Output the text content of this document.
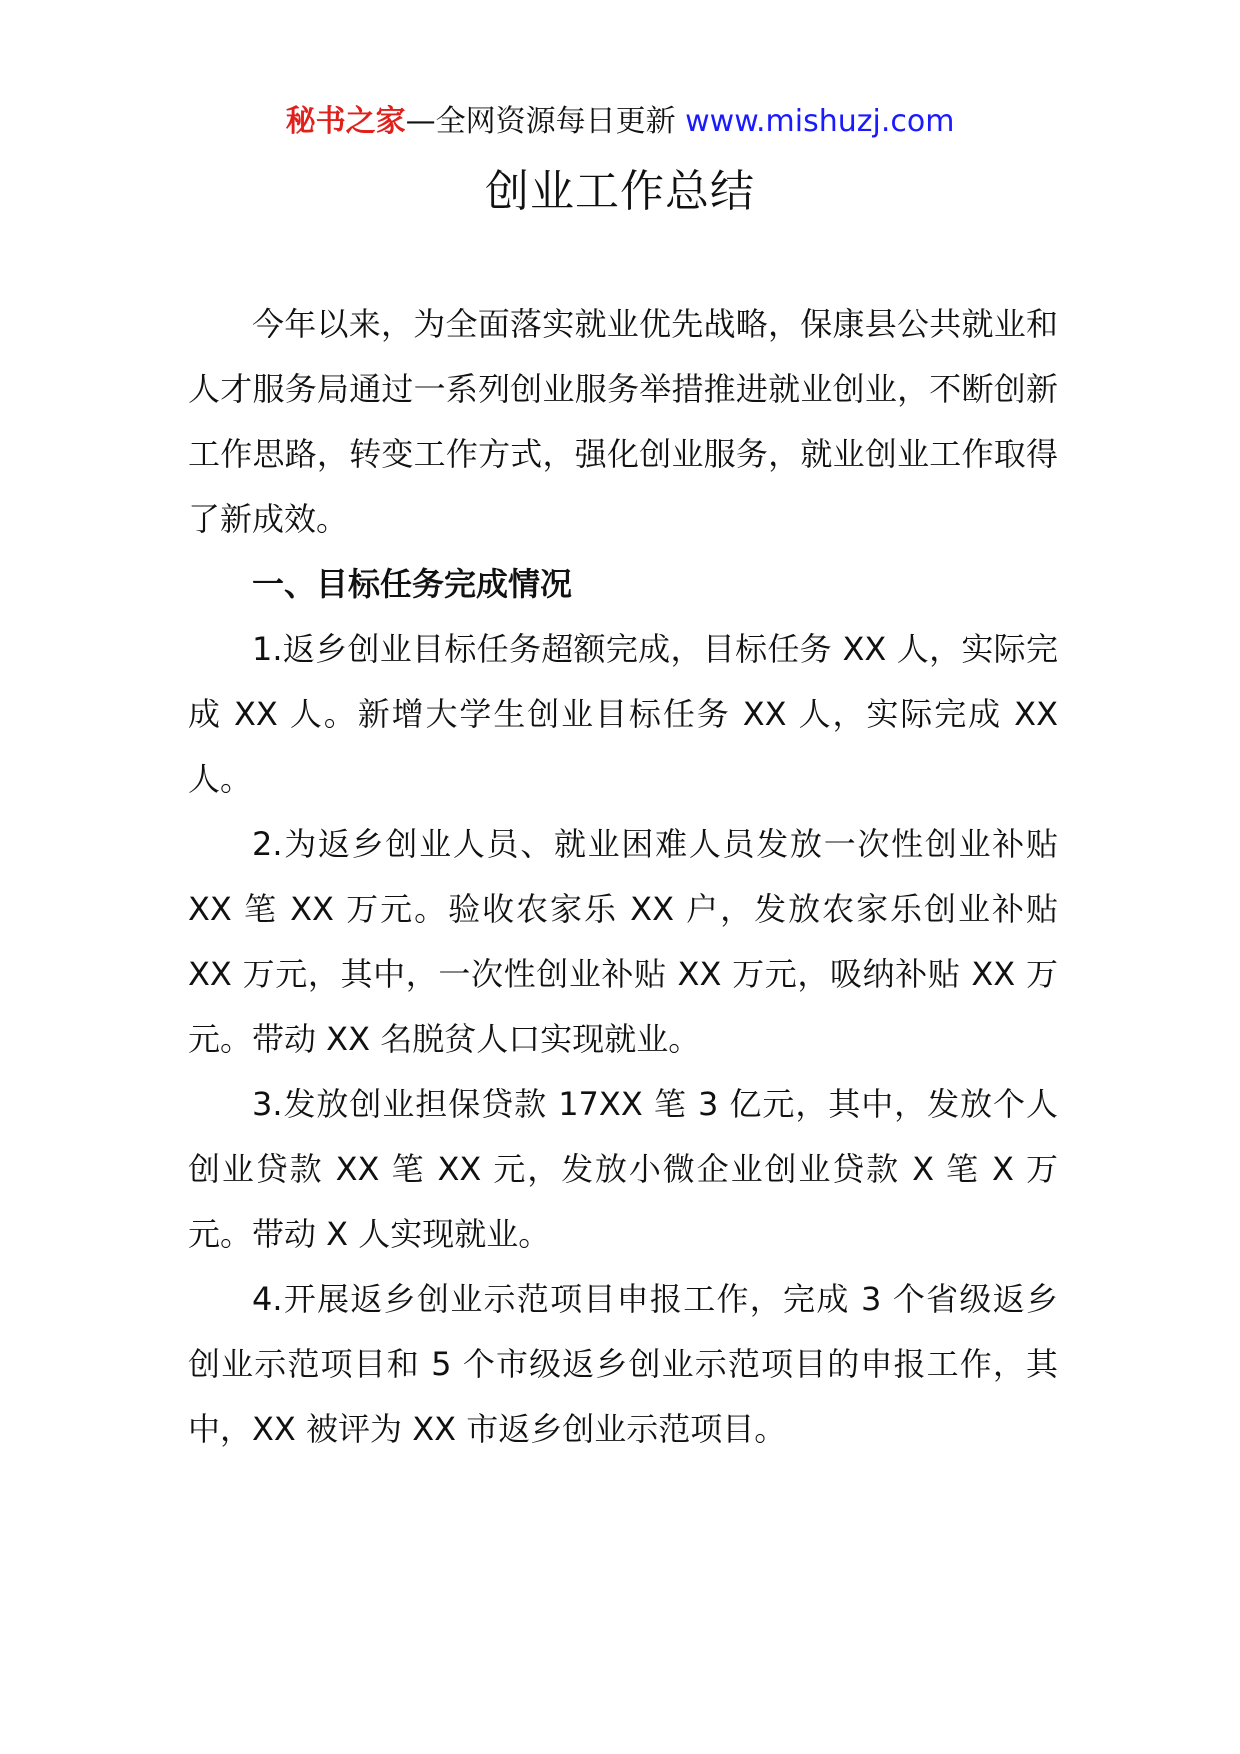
秘书之家—全网资源每日更新 www.mishuzj.com
创业工作总结

今年以来，为全面落实就业优先战略，保康县公共就业和人才服务局通过一系列创业服务举措推进就业创业，不断创新工作思路，转变工作方式，强化创业服务，就业创业工作取得了新成效。

一、目标任务完成情况

1.返乡创业目标任务超额完成，目标任务 XX 人，实际完成 XX 人。新增大学生创业目标任务 XX 人，实际完成 XX 人。

2.为返乡创业人员、就业困难人员发放一次性创业补贴 XX 笔 XX 万元。验收农家乐 XX 户，发放农家乐创业补贴 XX 万元，其中，一次性创业补贴 XX 万元，吸纳补贴 XX 万元。带动 XX 名脱贫人口实现就业。

3.发放创业担保贷款 17XX 笔 3 亿元，其中，发放个人创业贷款 XX 笔 XX 元，发放小微企业创业贷款 X 笔 X 万元。带动 X 人实现就业。

4.开展返乡创业示范项目申报工作，完成 3 个省级返乡创业示范项目和 5 个市级返乡创业示范项目的申报工作，其中，XX 被评为 XX 市返乡创业示范项目。
